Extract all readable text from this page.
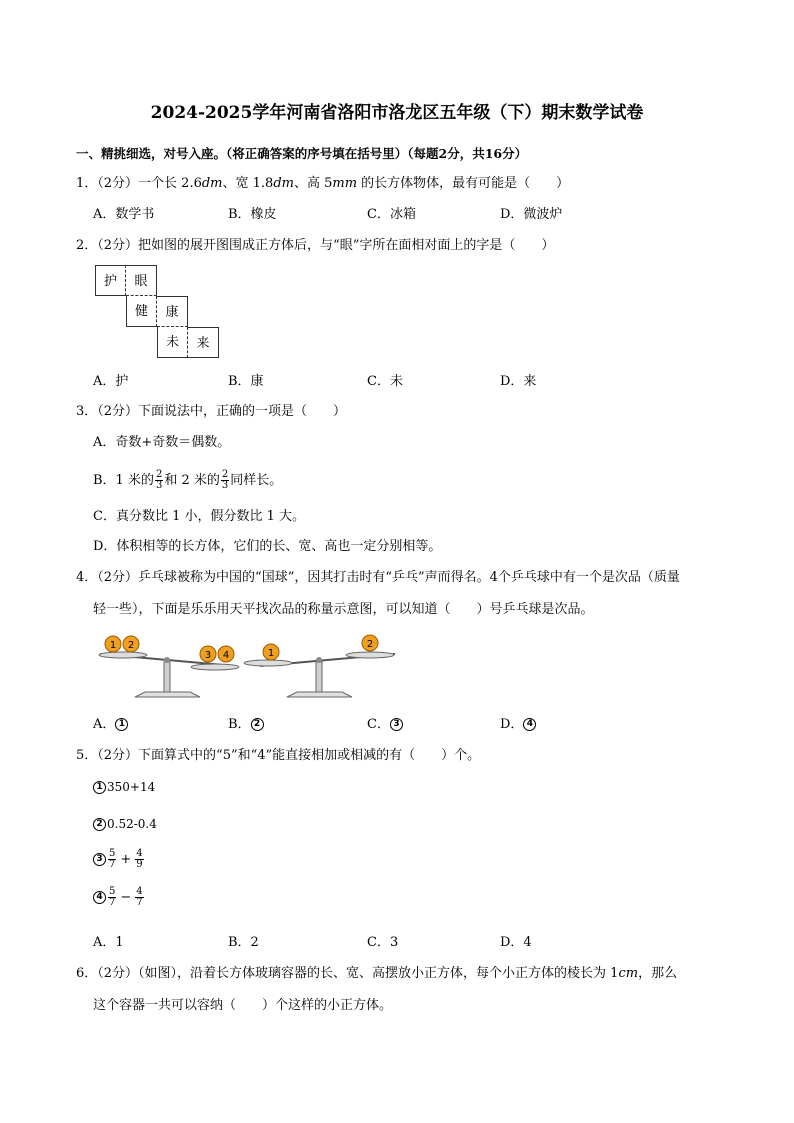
2024-2025学年河南省洛阳市洛龙区五年级（下）期末数学试卷
一、精挑细选，对号入座。（将正确答案的序号填在括号里）（每题2分，共16分）
1．（2分）一个长 2.6dm、宽 1.8dm、高 5mm 的长方体物体，最有可能是（　　）
A．数学书	B．橡皮	C．冰箱	D．微波炉
2．（2分）把如图的展开图围成正方体后，与“眼”字所在面相对面上的字是（　　）
护	眼
健	康
未	来
A．护	B．康	C．未	D．来
3．（2分）下面说法中，正确的一项是（　　）
A．奇数+奇数＝偶数。
B．1 米的 $\frac{2}{3}$ 和 2 米的 $\frac{2}{3}$ 同样长。
C．真分数比 1 小，假分数比 1 大。
D．体积相等的长方体，它们的长、宽、高也一定分别相等。
4．（2分）乒乓球被称为中国的“国球”，因其打击时有“乒乓”声而得名。4个乒乓球中有一个是次品（质量
轻一些），下面是乐乐用天平找次品的称量示意图，可以知道（　　）号乒乓球是次品。
1 2
3 4	1
2
A． 1	B． 2	C． 3	D． 4
5．（2分）下面算式中的“5”和“4”能直接相加或相减的有（　　）个。
1 350+14
2 0.52-0.4
$3 \frac{5}{7} + \frac{4}{9}$
$4 \frac{5}{7} - \frac{4}{7}$
A．1	B．2	C．3	D．4
6．（2分）（如图），沿着长方体玻璃容器的长、宽、高摆放小正方体，每个小正方体的棱长为 1cm，那么
这个容器一共可以容纳（　　）个这样的小正方体。
